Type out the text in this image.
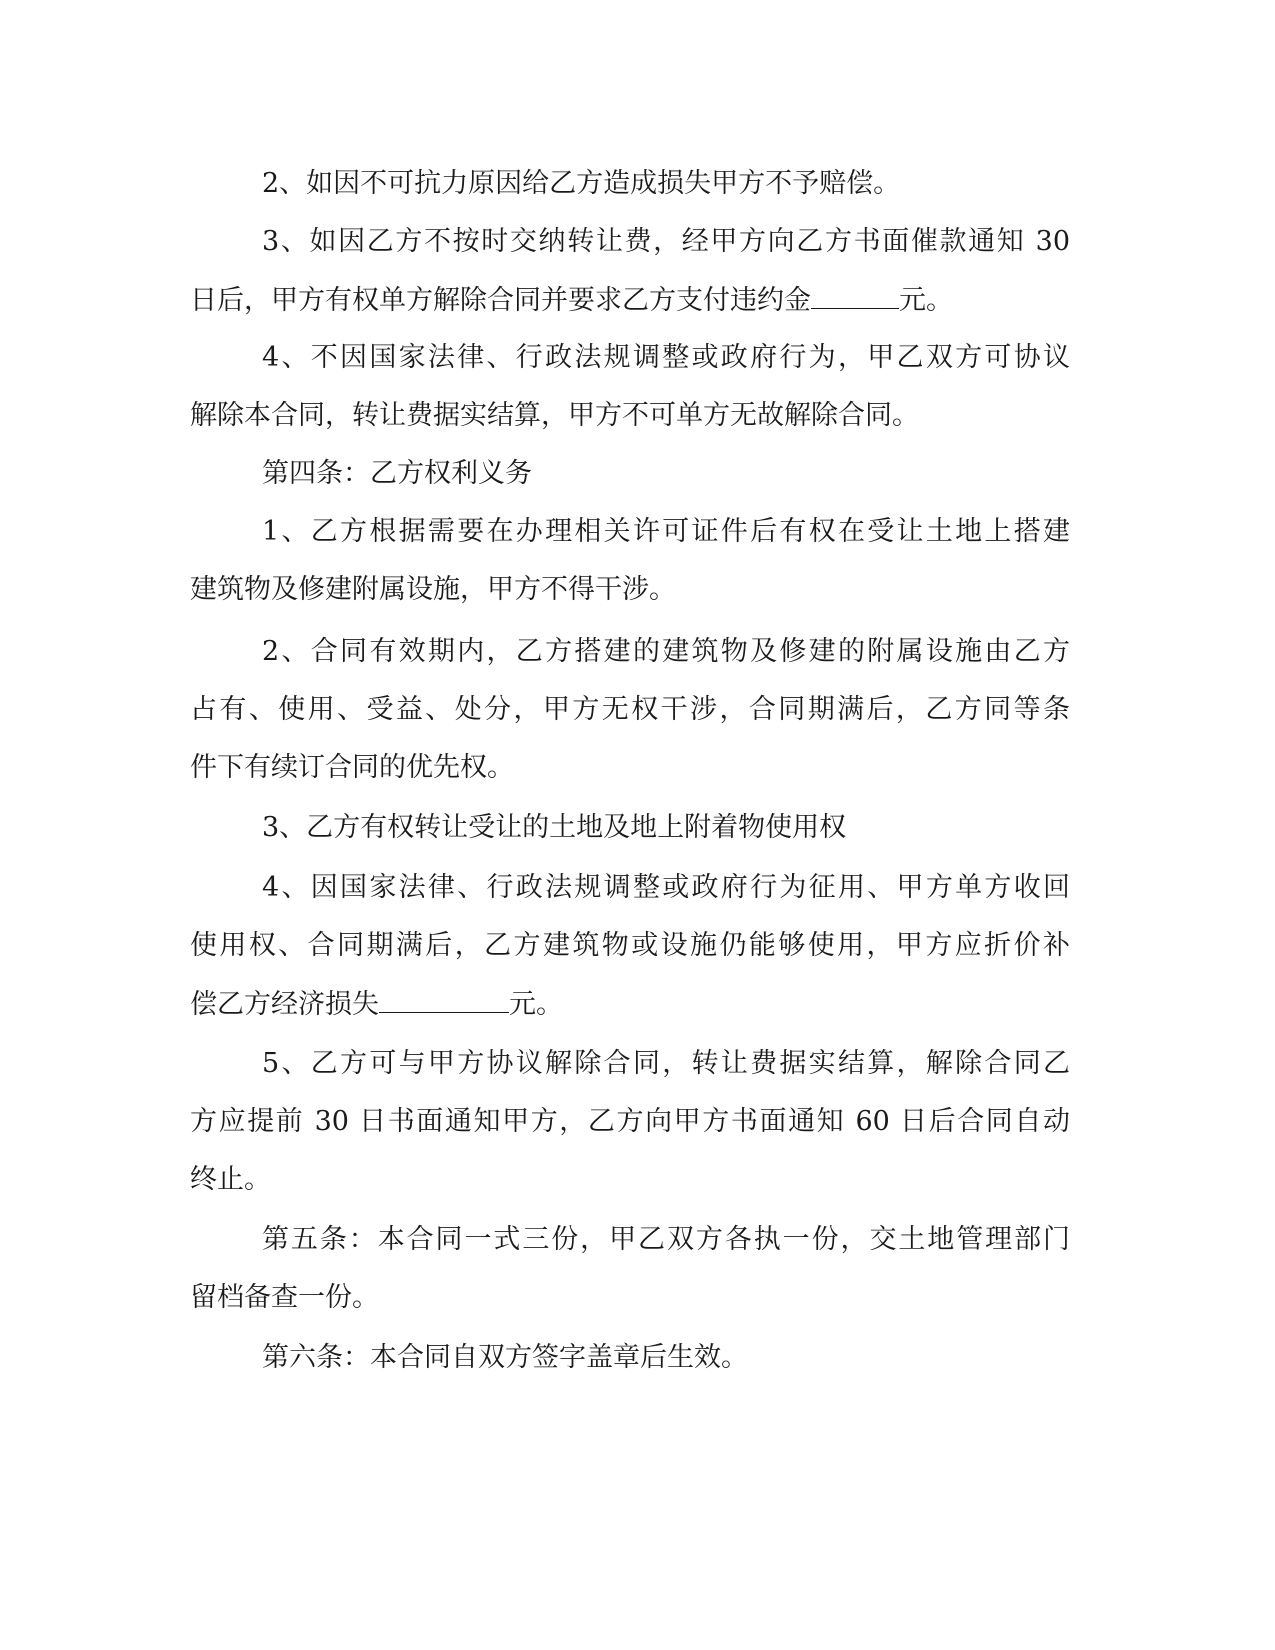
2、如因不可抗力原因给乙方造成损失甲方不予赔偿。
3、如因乙方不按时交纳转让费，经甲方向乙方书面催款通知 30
日后，甲方有权单方解除合同并要求乙方支付违约金	元。
4、不因国家法律、行政法规调整或政府行为，甲乙双方可协议
解除本合同，转让费据实结算，甲方不可单方无故解除合同。
第四条：乙方权利义务
1、乙方根据需要在办理相关许可证件后有权在受让土地上搭建
建筑物及修建附属设施，甲方不得干涉。
2、合同有效期内，乙方搭建的建筑物及修建的附属设施由乙方
占有、使用、受益、处分，甲方无权干涉，合同期满后，乙方同等条
件下有续订合同的优先权。
3、乙方有权转让受让的土地及地上附着物使用权
4、因国家法律、行政法规调整或政府行为征用、甲方单方收回
使用权、合同期满后，乙方建筑物或设施仍能够使用，甲方应折价补
偿乙方经济损失	元。
5、乙方可与甲方协议解除合同，转让费据实结算，解除合同乙
方应提前 30 日书面通知甲方，乙方向甲方书面通知 60 日后合同自动
终止。
第五条：本合同一式三份，甲乙双方各执一份，交土地管理部门
留档备查一份。
第六条：本合同自双方签字盖章后生效。
